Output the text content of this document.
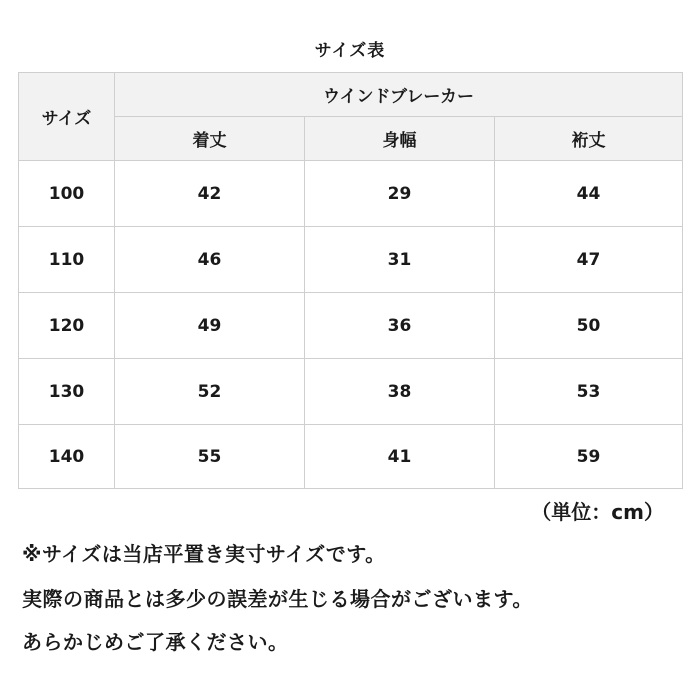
サイズ表
サイズ	ウインドブレーカー		
	着丈	身幅	裄丈
100	42	29	44
110	46	31	47
120	49	36	50
130	52	38	53
140	55	41	59
（単位：cm）
※サイズは当店平置き実寸サイズです。
実際の商品とは多少の誤差が生じる場合がございます。
あらかじめご了承ください。
